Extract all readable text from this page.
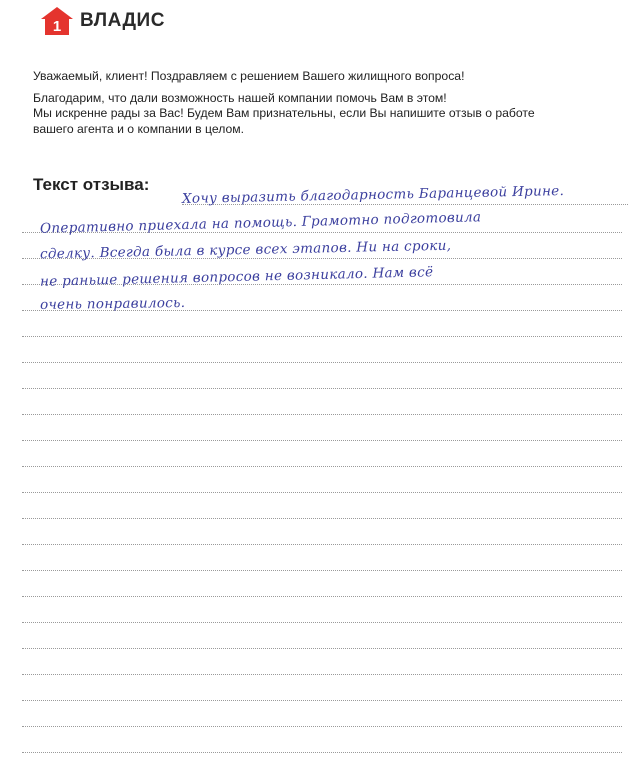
1 ВЛАДИС

Уважаемый, клиент! Поздравляем с решением Вашего жилищного вопроса!

Благодарим, что дали возможность нашей компании помочь Вам в этом!

Мы искренне рады за Вас! Будем Вам признательны, если Вы напишите отзыв о работе

вашего агента и о компании в целом.

Текст отзыва: Хочу выразить благодарность Баранцевой Ирине.
Оперативно приехала на помощь. Грамотно подготовила
сделку. Всегда была в курсе всех этапов. Ни на сроки,
не раньше решения вопросов не возникало. Нам всё
очень понравилось.
